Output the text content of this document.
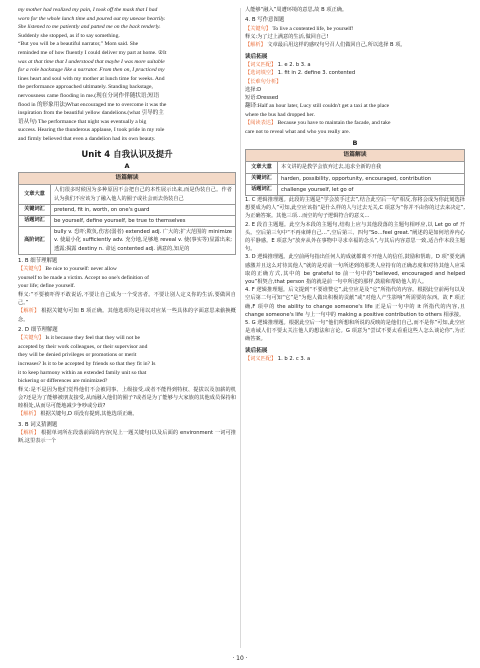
my mother had realized my pain, I took off the mask that I had

worn for the whole lunch time and poured out my unease heartily.

She listened to me patiently and patted me on the back tenderly.

Suddenly she stopped, as if to say something.

“But you will be a beautiful narrator,” Mom said. She

reminded me of how fluently I could deliver my part at home. ②It

was at that time that I understood that maybe I was more suitable

for a role backstage like a narrator. From then on, I practiced my

lines heart and soul with my mother at lunch time for weeks. And

the performance approached ultimately. Standing backstage,

nervousness came flooding in me.(现在分词作伴随状语;短语

flood in 的形象用法)What encouraged me to overcome it was the

inspiration from the beautiful yellow dandelions.(what 引导的主

语从句) The performance that night was eventually a big

success. Hearing the thunderous applause, I took pride in my role

and firmly believed that even a dandelion had its own beauty.

Unit 4 自我认识及提升
A
语篇解读	
文章大意	人们很多时候因为多种原因不会把自己的本性展示出来,而是伪装自己。作者认为我们不应该为了融入他人的圈子或社会而去伪装自己
关键词汇	pretend, fit in, worth, on one's guard
话题词汇	be yourself, define yourself, be true to themselves
高阶词汇	bully v. 恐吓;欺负,伤害(弱者) extended adj. 广大的;扩大范围的 minimize v. 使最小化 sufficiently adv. 充分地,足够地 reveal v. 使(事实等)显露出来;透露;揭露 destiny n. 命运 contented adj. 满意的,知足的

1. B 细节理解题

【关键句】 Be nice to yourself: never allow

yourself to be made a victim. Accept no one's definition of

your life; define yourself.

释义:“不要被吓得不敢说话,不要让自己成为一个受害者。不要让别人定义你的生活,要做回自己。”

【解析】 根据关键句可知 B 项正确。其他选项均是用以对应某一些具体的字面意思来偷换概念。

2. D 细节理解题

【关键句】 Is it because they feel that they will not be

accepted by their work colleagues, or their supervisor and

they will be denied privileges or promotions or merit

increases? Is it to be accepted by friends so that they fit in? Is

it to keep harmony within an extended family unit so that

bickering or differences are minimized?

释义:是不是因为他们觉得他们不会被同事、上级接受,或者不能得到特权、提拔以及加薪的机会?还是为了能够被朋友接受,从而融入他们的圈子?或者是为了能够与大家族的其他成员保持和睦相处,从而尽可能地减少争吵或分歧?

【解析】 根据关键句,D 项没有提到,其他选项正确。

3. B 词义猜测题

【解析】 根据单词所在段落前面的内容(见上一题关键句)以及后面的 environment 一词可推断,这里表示一个

人能够“融入”周遭环境的意思,故 B 项正确。

4. B 写作意图题

【关键句】 To live a contented life, be yourself!

释义:为了过上满意的生活,做回自己!

【解析】 文章最后用这样的感叹句号召人们做回自己,所以选择 B 项。

读后拓展

【词义匹配】 1. e 2. b 3. a

【选词填空】 1. fit in 2. define 3. contented

【长难句分析】

选择:D

短语:Dressed

翻译:Half an hour later, Lucy still couldn't get a taxi at the place

where the bus had dropped her.

【阅读表达】 Because you have to maintain the facade, and take

care not to reveal what and who you really are.

B
语篇解读	
文章大意	本文讲的是教学会放弃过去,追求全新的自我
关键词汇	harden, possibility, opportunity, encouraged, contribution
话题词汇	challenge yourself, let go of

1. C 逻辑推理题。此段的主题是“学会放手过去”,结合此空后一句“相反,你将会成为你此刻选择想要成为的人”可知,此空应该指“是什么样的人与过去无关,C 项意为“你并不由你的过去来决定”,为正确答案。其他三项…而空的句子逻辑符合的意义…

2. E 段首主题题。此空为本段的主题句,结构上应与其他段落的主题句相呼应,以 Let go of 开头。空后第三句中“不再束缚自己…”,空后第三、四句“So…feel great.”阐述的是如何培养内心的平静感。E 项意为“放弃从外在事物中寻求幸福的念头”,与其后内容意思一致,适合作本段主题句。

3. D 逻辑推理题。此空前两句指出任何人的成就都离不开他人的信任,鼓励和帮助。D 项“要充满感激并且这么对待其他人”就的是对前一句所述到的那类人应持有的正确态度和对待其他人应采取的正确方式,其中的 be grateful to 前一句中的“believed, encouraged and helped you”相契合,that person 指的就是前一句中所述的那样,鼓励和帮助他人的人。

4. F 逻辑推理题。后文提到“不要谁赞它”,此空应是及“它”所指代的内容。根据此空前两句以及空后第二句可知“它”是“为他人做出积极的贡献”或“对他人产生影响”所需要的东西。故 F 项正确,F 项中的 the ability to change someone's life 正是后一句中的 it 所指代的内容,且 change someone's life 与上一句中的 making a positive contribution to others 相承接。

5. G 逻辑推理题。根据此空后一句“他们所想和所说的反映的是他们自己,而不是你”可知,此空应是劝诫人们不要太关注他人的想法和言论。G 项意为“尝试不要太看重这些人怎么谈论你”,为正确答案。

读后拓展

【词义匹配】 1. b 2. c 3. a

· 10 ·
